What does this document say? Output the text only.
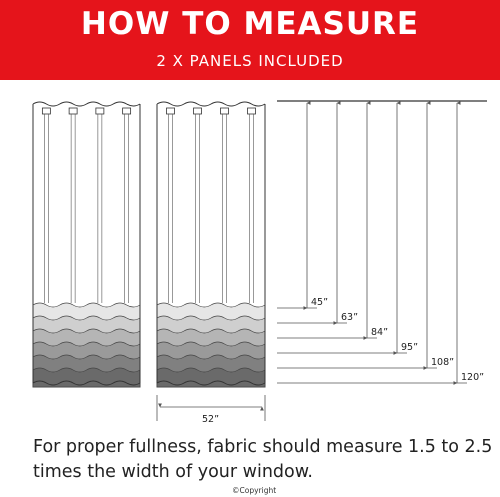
HOW TO MEASURE
2 X PANELS INCLUDED
52”
45”
63”
84”
95”
108”
120”
For proper fullness, fabric should measure 1.5 to 2.5 times the width of your window.
©Copyright
